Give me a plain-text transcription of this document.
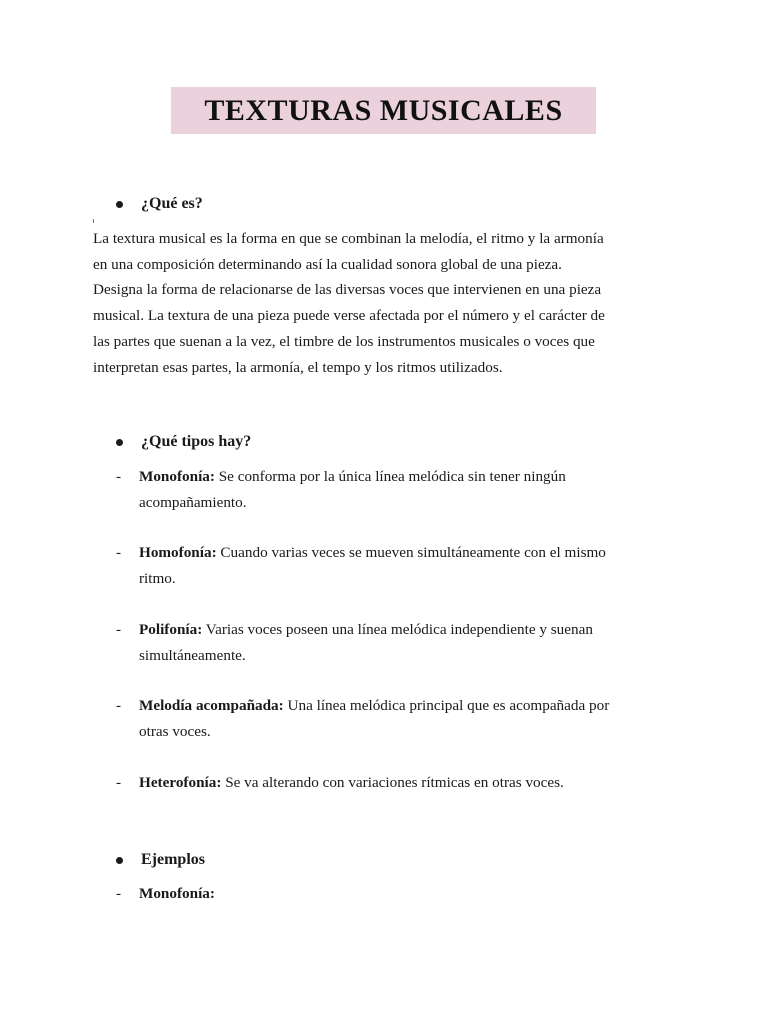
TEXTURAS MUSICALES
¿Qué es?
La textura musical es la forma en que se combinan la melodía, el ritmo y la armonía
en una composición determinando así la cualidad sonora global de una pieza.
Designa la forma de relacionarse de las diversas voces que intervienen en una pieza
musical. La textura de una pieza puede verse afectada por el número y el carácter de
las partes que suenan a la vez, el timbre de los instrumentos musicales o voces que
interpretan esas partes, la armonía, el tempo y los ritmos utilizados.
¿Qué tipos hay?
-	Monofonía: Se conforma por la única línea melódica sin tener ningún
acompañamiento.
-	Homofonía: Cuando varias veces se mueven simultáneamente con el mismo
ritmo.
-	Polifonía: Varias voces poseen una línea melódica independiente y suenan
simultáneamente.
-	Melodía acompañada: Una línea melódica principal que es acompañada por
otras voces.
-	Heterofonía: Se va alterando con variaciones rítmicas en otras voces.
Ejemplos
-	Monofonía:
